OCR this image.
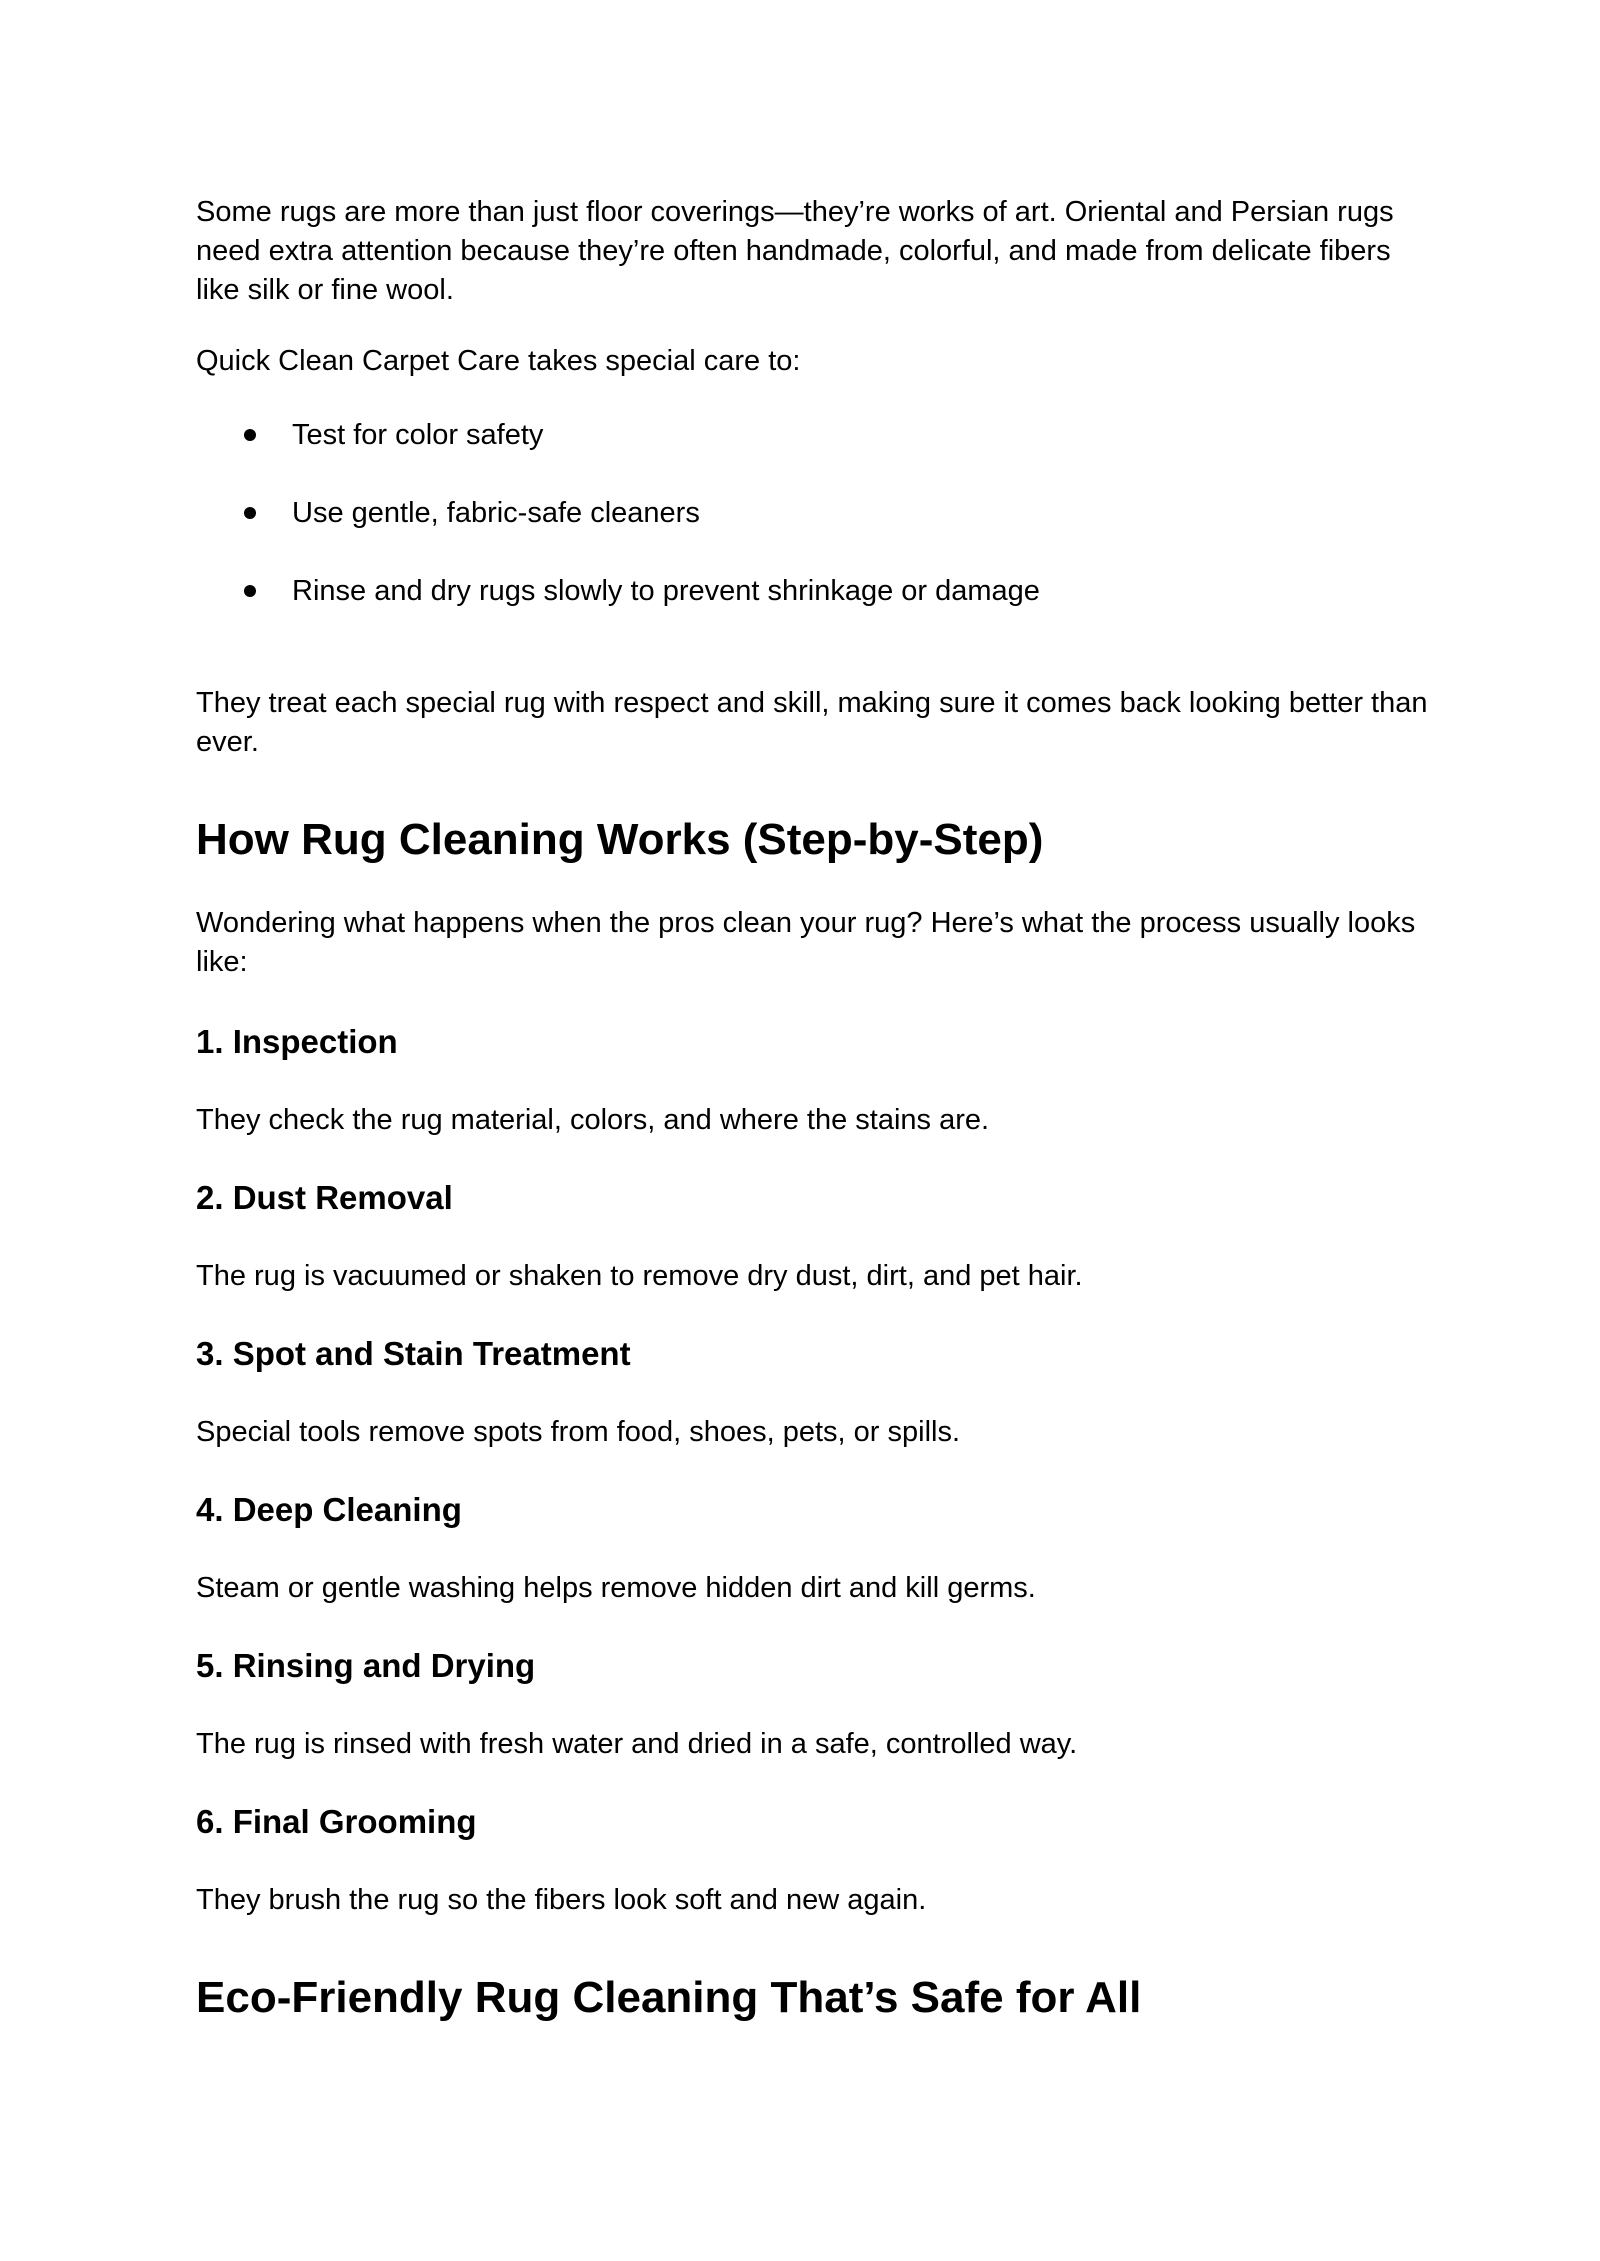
Some rugs are more than just floor coverings—they’re works of art. Oriental and Persian rugs need extra attention because they’re often handmade, colorful, and made from delicate fibers like silk or fine wool.

Quick Clean Carpet Care takes special care to:

Test for color safety
Use gentle, fabric-safe cleaners
Rinse and dry rugs slowly to prevent shrinkage or damage

They treat each special rug with respect and skill, making sure it comes back looking better than ever.

How Rug Cleaning Works (Step-by-Step)

Wondering what happens when the pros clean your rug? Here’s what the process usually looks like:

1. Inspection

They check the rug material, colors, and where the stains are.

2. Dust Removal

The rug is vacuumed or shaken to remove dry dust, dirt, and pet hair.

3. Spot and Stain Treatment

Special tools remove spots from food, shoes, pets, or spills.

4. Deep Cleaning

Steam or gentle washing helps remove hidden dirt and kill germs.

5. Rinsing and Drying

The rug is rinsed with fresh water and dried in a safe, controlled way.

6. Final Grooming

They brush the rug so the fibers look soft and new again.

Eco-Friendly Rug Cleaning That’s Safe for All
